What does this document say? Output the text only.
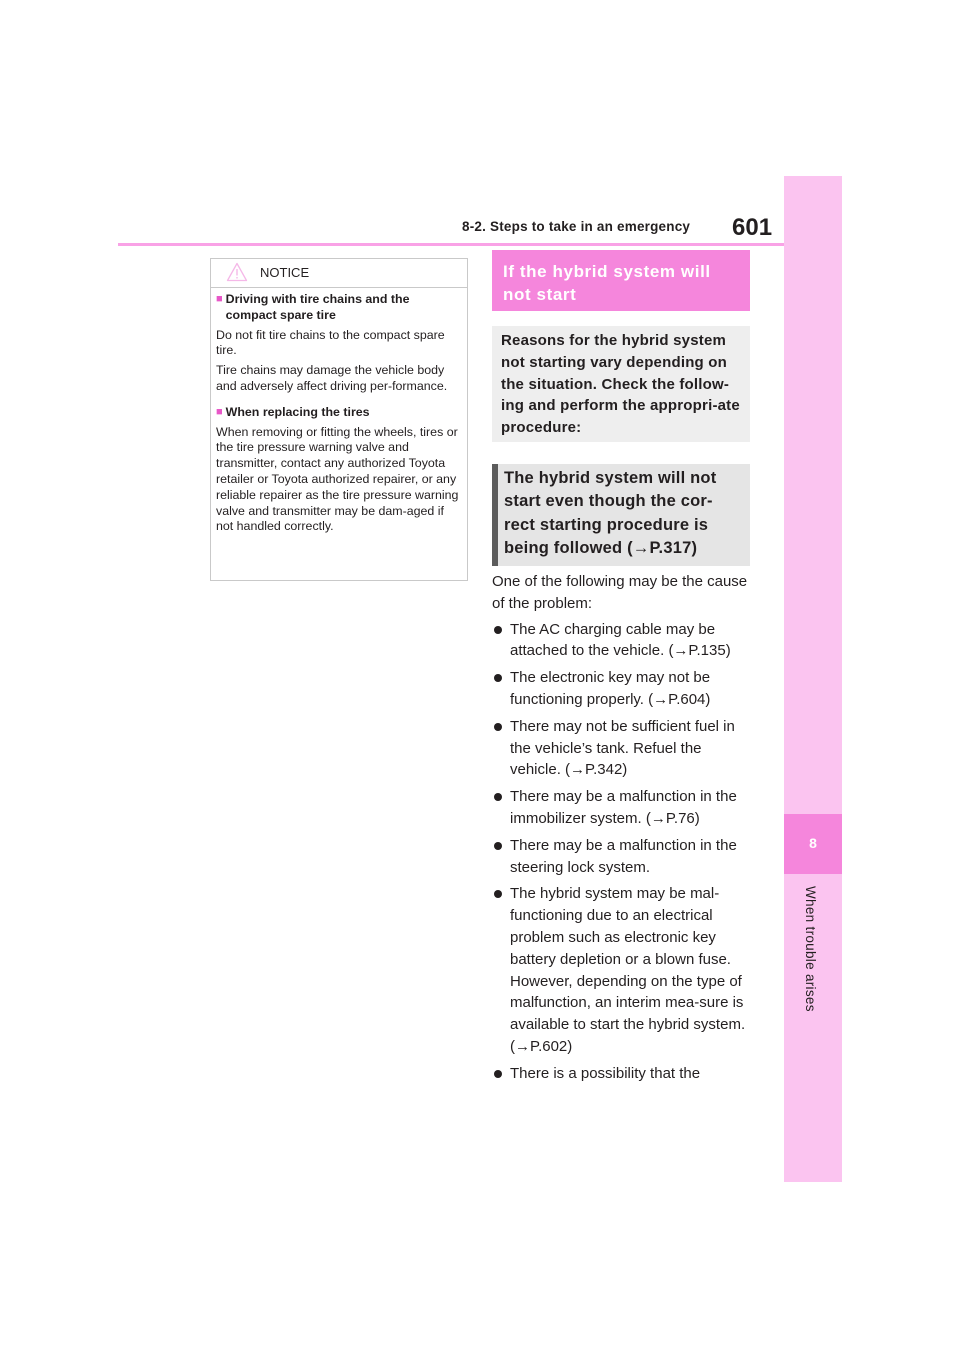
8-2. Steps to take in an emergency 601
8
When trouble arises
NOTICE
■ Driving with tire chains and the compact spare tire
Do not fit tire chains to the compact spare tire.
Tire chains may damage the vehicle body and adversely affect driving per-formance.
■ When replacing the tires
When removing or fitting the wheels, tires or the tire pressure warning valve and transmitter, contact any authorized Toyota retailer or Toyota authorized repairer, or any reliable repairer as the tire pressure warning valve and transmitter may be dam-aged if not handled correctly.
If the hybrid system will not start
Reasons for the hybrid system not starting vary depending on the situation. Check the follow-ing and perform the appropri-ate procedure:
The hybrid system will not start even though the cor-rect starting procedure is being followed (→P.317)

One of the following may be the cause of the problem:

The AC charging cable may be attached to the vehicle. (→P.135)
The electronic key may not be functioning properly. (→P.604)
There may not be sufficient fuel in the vehicle’s tank. Refuel the vehicle. (→P.342)
There may be a malfunction in the immobilizer system. (→P.76)
There may be a malfunction in the steering lock system.
The hybrid system may be mal-functioning due to an electrical problem such as electronic key battery depletion or a blown fuse. However, depending on the type of malfunction, an interim mea-sure is available to start the hybrid system. (→P.602)
There is a possibility that the
